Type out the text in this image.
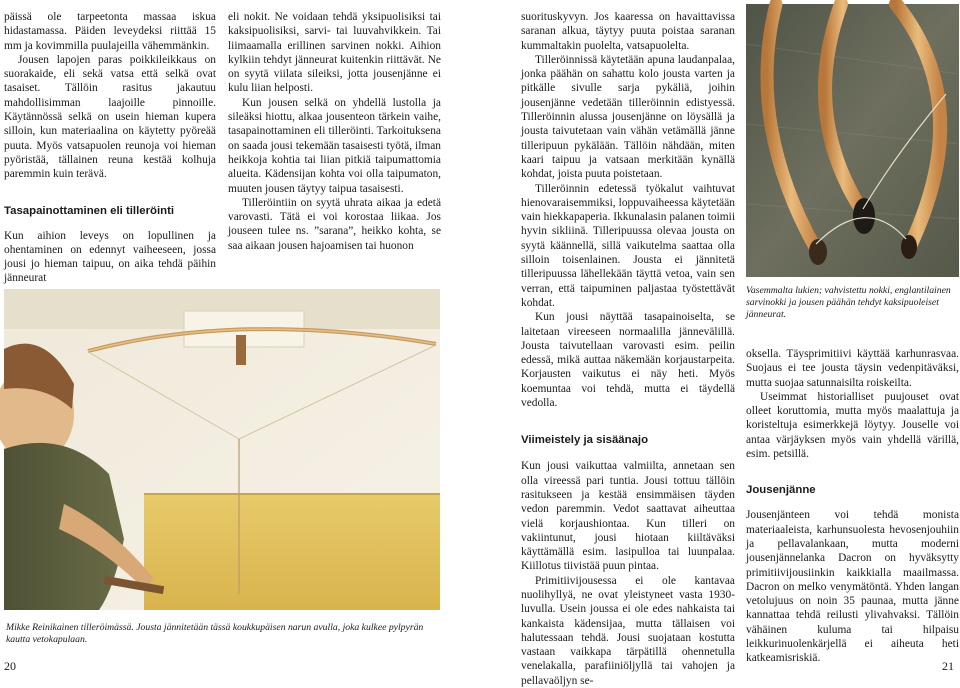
päissä ole tarpeetonta massaa iskua hidastamassa. Päiden leveydeksi riittää 15 mm ja kovimmilla puulajeilla vähemmänkin.

Jousen lapojen paras poikkileikkaus on suorakaide, eli sekä vatsa että selkä ovat tasaiset. Tällöin rasitus jakautuu mahdollisimman laajoille pinnoille. Käytännössä selkä on usein hieman kupera silloin, kun materiaalina on käytetty pyöreää puuta. Myös vatsapuolen reunoja voi hieman pyöristää, tällainen reuna kestää kolhuja paremmin kuin terävä.

Tasapainottaminen eli tilleröinti

Kun aihion leveys on lopullinen ja ohentaminen on edennyt vaiheeseen, jossa jousi jo hieman taipuu, on aika tehdä päihin jänneurat

eli nokit. Ne voidaan tehdä yksipuolisiksi tai kaksipuolisiksi, sarvi- tai luuvahvikkein. Tai liimaamalla erillinen sarvinen nokki. Aihion kylkiin tehdyt jänneurat kuitenkin riittävät. Ne on syytä viilata sileiksi, jotta jousenjänne ei kulu liian helposti.

Kun jousen selkä on yhdellä lustolla ja sileäksi hiottu, alkaa jousenteon tärkein vaihe, tasapainottaminen eli tilleröinti. Tarkoituksena on saada jousi tekemään tasaisesti työtä, ilman heikkoja kohtia tai liian pitkiä taipumattomia alueita. Kädensijan kohta voi olla taipumaton, muuten jousen täytyy taipua tasaisesti.

Tilleröintiin on syytä uhrata aikaa ja edetä varovasti. Tätä ei voi korostaa liikaa. Jos jouseen tulee ns. ”sarana”, heikko kohta, se saa aikaan jousen hajoamisen tai huonon

Mikke Reinikainen tilleröimässä. Jousta jännitetään tässä koukkupäisen narun avulla, joka kulkee pylpyrän kautta vetokapulaan.
20

suorituskyvyn. Jos kaaressa on havaittavissa saranan alkua, täytyy puuta poistaa saranan kummaltakin puolelta, vatsapuolelta.

Tilleröinnissä käytetään apuna laudanpalaa, jonka päähän on sahattu kolo jousta varten ja pitkälle sivulle sarja pykäliä, joihin jousenjänne vedetään tilleröinnin edistyessä. Tilleröinnin alussa jousenjänne on löysällä ja jousta taivutetaan vain vähän vetämällä jänne tilleripuun pykälään. Tällöin nähdään, miten kaari taipuu ja vatsaan merkitään kynällä kohdat, joista puuta poistetaan.

Tilleröinnin edetessä työkalut vaihtuvat hienovaraisemmiksi, loppuvaiheessa käytetään vain hiekkapaperia. Ikkunalasin palanen toimii hyvin sikliinä. Tilleripuussa olevaa jousta on syytä käännellä, sillä vaikutelma saattaa olla silloin toisenlainen. Jousta ei jännitetä tilleripuussa lähellekään täyttä vetoa, vain sen verran, että taipuminen paljastaa työstettävät kohdat.

Kun jousi näyttää tasapainoiselta, se laitetaan vireeseen normaalilla jännevälillä. Jousta taivutellaan varovasti esim. peilin edessä, mikä auttaa näkemään korjaustarpeita. Korjausten vaikutus ei näy heti. Myös koemuntaa voi tehdä, mutta ei täydellä vedolla.

Viimeistely ja sisäänajo

Kun jousi vaikuttaa valmiilta, annetaan sen olla vireessä pari tuntia. Jousi tottuu tällöin rasitukseen ja kestää ensimmäisen täyden vedon paremmin. Vedot saattavat aiheuttaa vielä korjaushiontaa. Kun tilleri on vakiintunut, jousi hiotaan kiiltäväksi käyttämällä esim. lasipulloa tai luunpalaa. Kiillotus tiivistää puun pintaa.

Primitiivijousessa ei ole kantavaa nuolihyllyä, ne ovat yleistyneet vasta 1930-luvulla. Usein joussa ei ole edes nahkaista tai kankaista kädensijaa, mutta tällaisen voi halutessaan tehdä. Jousi suojataan kostutta vastaan vaikkapa tärpätillä ohennetulla venelakalla, parafiiniöljyllä tai vahojen ja pellavaöljyn se-

Vasemmalta lukien; vahvistettu nokki, englantilainen sarvinokki ja jousen päähän tehdyt kaksipuoleiset jänneurat.

oksella. Täysprimitiivi käyttää karhunrasvaa. Suojaus ei tee jousta täysin vedenpitäväksi, mutta suojaa satunnaisilta roiskeilta.

Useimmat historialliset puujouset ovat olleet koruttomia, mutta myös maalattuja ja koristeltuja esimerkkejä löytyy. Jouselle voi antaa värjäyksen myös vain yhdellä värillä, esim. petsillä.

Jousenjänne

Jousenjänteen voi tehdä monista materiaaleista, karhunsuolesta hevosenjouhiin ja pellavalankaan, mutta moderni jousenjännelanka Dacron on hyväksytty primitiivijousiinkin kaikkialla maailmassa. Dacron on melko venymätöntä. Yhden langan vetolujuus on noin 35 paunaa, mutta jänne kannattaa tehdä reilusti ylivahvaksi. Tällöin vähäinen kuluma tai hilpaisu leikkurinuolenkärjellä ei aiheuta heti katkeamisriskiä.

21
